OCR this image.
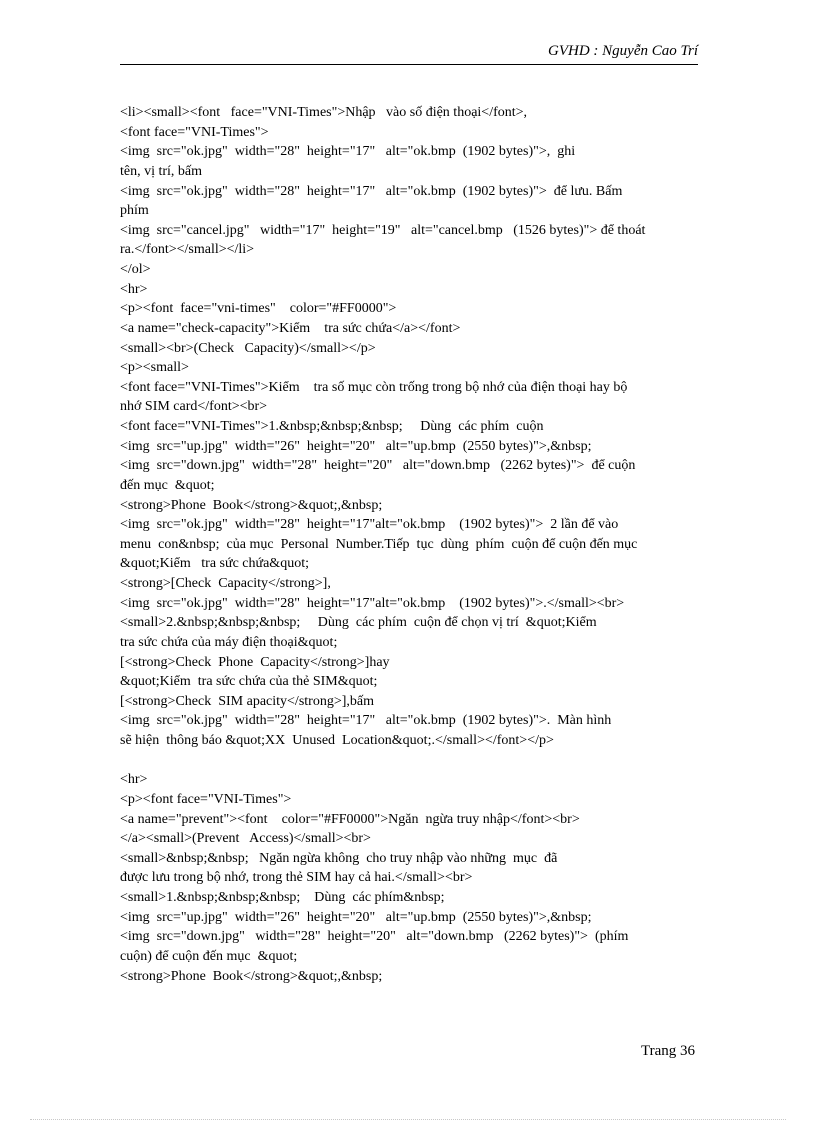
GVHD : Nguyễn Cao Trí
<li><small><font   face="VNI-Times">Nhập   vào số điện thoại</font>,
<font face="VNI-Times">
<img  src="ok.jpg"  width="28"  height="17"   alt="ok.bmp  (1902 bytes)">,  ghi
tên, vị trí, bấm
<img  src="ok.jpg"  width="28"  height="17"   alt="ok.bmp  (1902 bytes)">  để lưu. Bấm
phím
<img  src="cancel.jpg"   width="17"  height="19"   alt="cancel.bmp   (1526 bytes)"> để thoát
ra.</font></small></li>
</ol>
<hr>
<p><font  face="vni-times"    color="#FF0000">
<a name="check-capacity">Kiểm    tra sức chứa</a></font>
<small><br>(Check   Capacity)</small></p>
<p><small>
<font face="VNI-Times">Kiểm    tra số mục còn trống trong bộ nhớ của điện thoại hay bộ
nhớ SIM card</font><br>
<font face="VNI-Times">1.&nbsp;&nbsp;&nbsp;     Dùng  các phím  cuộn
<img  src="up.jpg"  width="26"  height="20"   alt="up.bmp  (2550 bytes)">,&nbsp;
<img  src="down.jpg"  width="28"  height="20"   alt="down.bmp   (2262 bytes)">  để cuộn
đến mục  &quot;
<strong>Phone  Book</strong>&quot;,&nbsp;
<img  src="ok.jpg"  width="28"  height="17"alt="ok.bmp    (1902 bytes)">  2 lần để vào
menu  con&nbsp;  của mục  Personal  Number.Tiếp  tục  dùng  phím  cuộn để cuộn đến mục
&quot;Kiểm   tra sức chứa&quot;
<strong>[Check  Capacity</strong>],
<img  src="ok.jpg"  width="28"  height="17"alt="ok.bmp    (1902 bytes)">.</small><br>
<small>2.&nbsp;&nbsp;&nbsp;     Dùng  các phím  cuộn để chọn vị trí  &quot;Kiểm
tra sức chứa của máy điện thoại&quot;
[<strong>Check  Phone  Capacity</strong>]hay
&quot;Kiểm  tra sức chứa của thẻ SIM&quot;
[<strong>Check  SIM apacity</strong>],bấm
<img  src="ok.jpg"  width="28"  height="17"   alt="ok.bmp  (1902 bytes)">.  Màn hình
sẽ hiện  thông báo &quot;XX  Unused  Location&quot;.</small></font></p>
<hr>
<p><font face="VNI-Times">
<a name="prevent"><font    color="#FF0000">Ngăn  ngừa truy nhập</font><br>
</a><small>(Prevent   Access)</small><br>
<small>&nbsp;&nbsp;   Ngăn ngừa không  cho truy nhập vào những  mục  đã
được lưu trong bộ nhớ, trong thẻ SIM hay cả hai.</small><br>
<small>1.&nbsp;&nbsp;&nbsp;    Dùng  các phím&nbsp;
<img  src="up.jpg"  width="26"  height="20"   alt="up.bmp  (2550 bytes)">,&nbsp;
<img  src="down.jpg"   width="28"  height="20"   alt="down.bmp   (2262 bytes)">  (phím
cuộn) để cuộn đến mục  &quot;
<strong>Phone  Book</strong>&quot;,&nbsp;
Trang 36
